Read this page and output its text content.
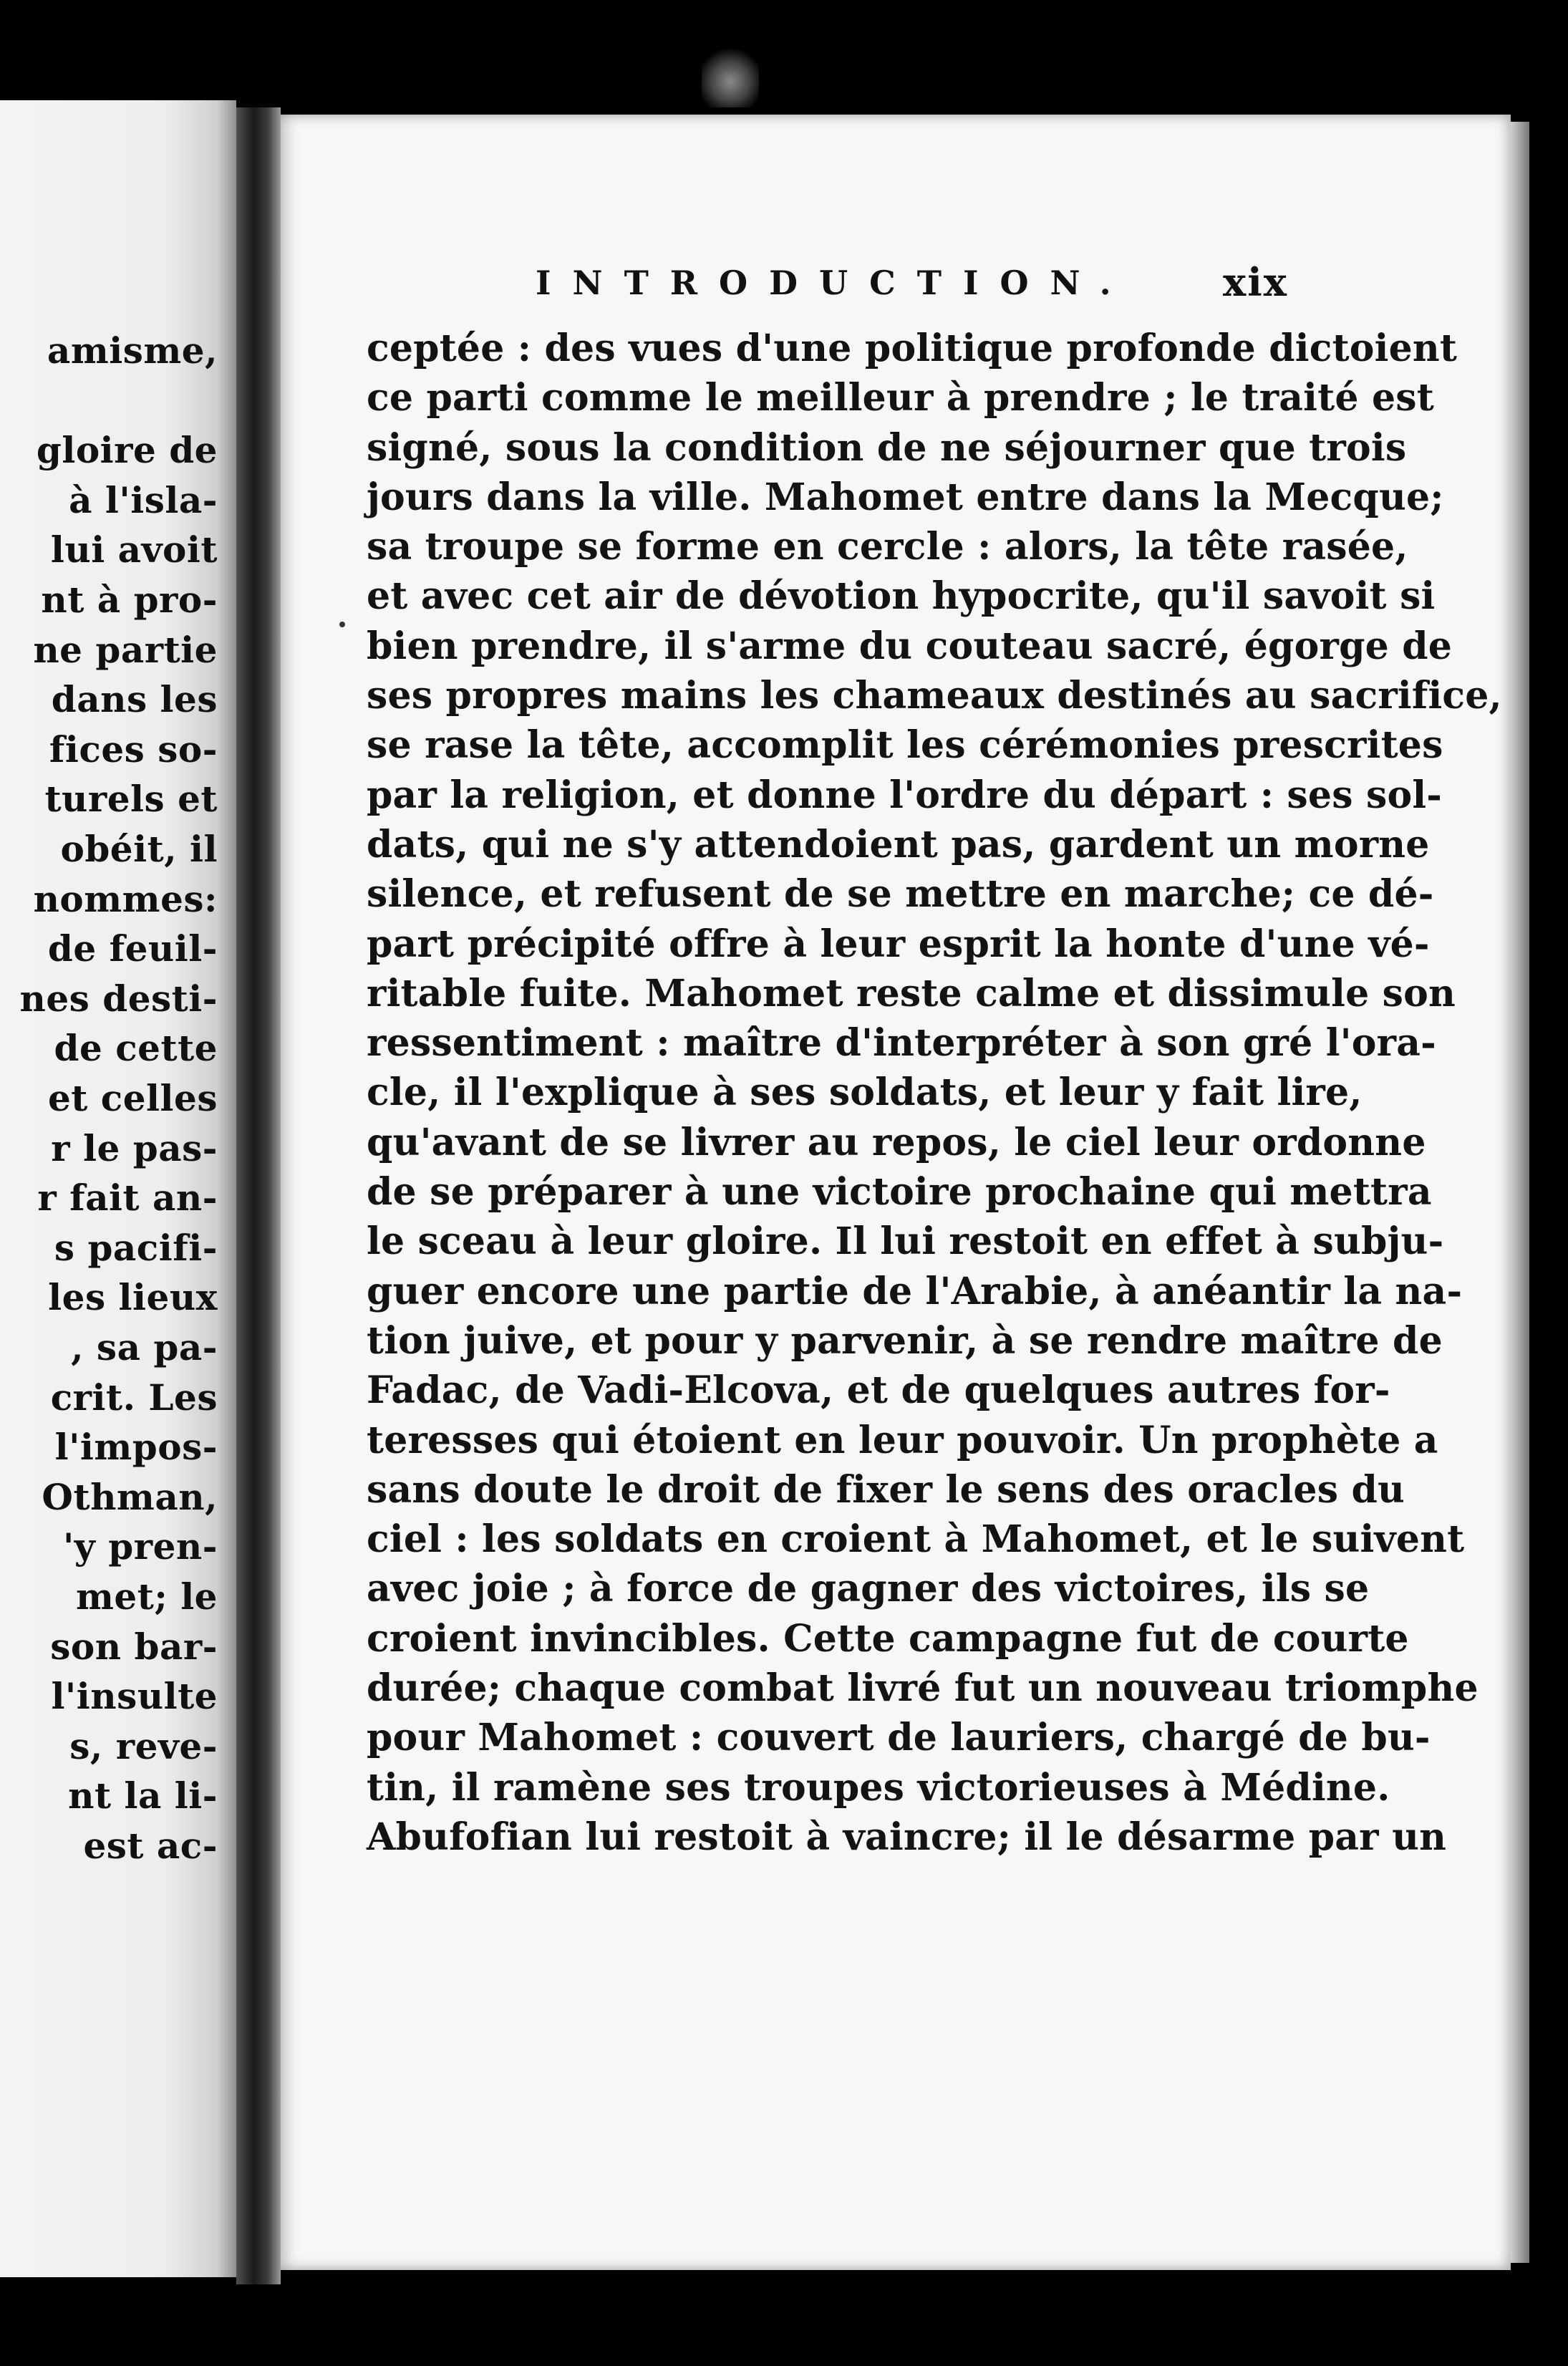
amisme,
gloire de
à l'isla-
lui avoit
nt à pro-
ne partie
dans les
fices so-
turels et
obéit, il
nommes:
de feuil-
nes desti-
de cette
et celles
r le pas-
r fait an-
s pacifi-
les lieux
, sa pa-
crit. Les
l'impos-
Othman,
'y pren-
met; le
son bar-
l'insulte
s, reve-
nt la li-
est ac-
INTRODUCTION. xix
ceptée : des vues d'une politique profonde dictoient
ce parti comme le meilleur à prendre ; le traité est
signé, sous la condition de ne séjourner que trois
jours dans la ville. Mahomet entre dans la Mecque;
sa troupe se forme en cercle : alors, la tête rasée,
et avec cet air de dévotion hypocrite, qu'il savoit si
bien prendre, il s'arme du couteau sacré, égorge de
ses propres mains les chameaux destinés au sacrifice,
se rase la tête, accomplit les cérémonies prescrites
par la religion, et donne l'ordre du départ : ses sol-
dats, qui ne s'y attendoient pas, gardent un morne
silence, et refusent de se mettre en marche; ce dé-
part précipité offre à leur esprit la honte d'une vé-
ritable fuite. Mahomet reste calme et dissimule son
ressentiment : maître d'interpréter à son gré l'ora-
cle, il l'explique à ses soldats, et leur y fait lire,
qu'avant de se livrer au repos, le ciel leur ordonne
de se préparer à une victoire prochaine qui mettra
le sceau à leur gloire. Il lui restoit en effet à subju-
guer encore une partie de l'Arabie, à anéantir la na-
tion juive, et pour y parvenir, à se rendre maître de
Fadac, de Vadi-Elcova, et de quelques autres for-
teresses qui étoient en leur pouvoir. Un prophète a
sans doute le droit de fixer le sens des oracles du
ciel : les soldats en croient à Mahomet, et le suivent
avec joie ; à force de gagner des victoires, ils se
croient invincibles. Cette campagne fut de courte
durée; chaque combat livré fut un nouveau triomphe
pour Mahomet : couvert de lauriers, chargé de bu-
tin, il ramène ses troupes victorieuses à Médine.
Abufofian lui restoit à vaincre; il le désarme par un
